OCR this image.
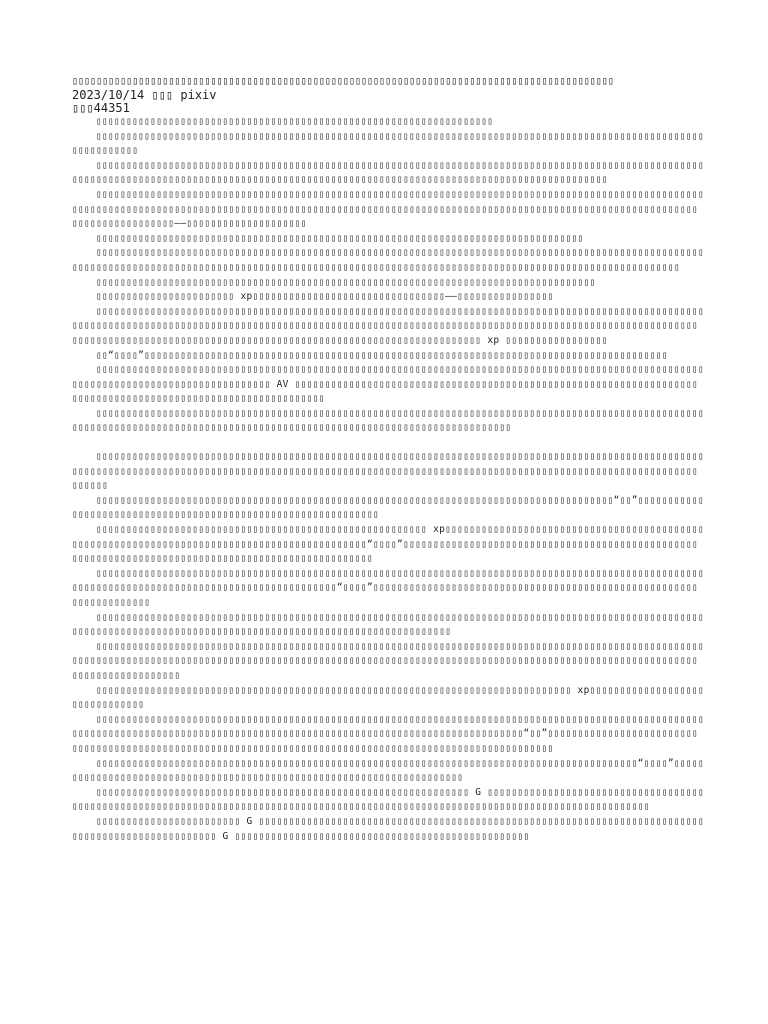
▯▯▯▯▯▯▯▯▯▯▯▯▯▯▯▯▯▯▯▯▯▯▯▯▯▯▯▯▯▯▯▯▯▯▯▯▯▯▯▯▯▯▯▯▯▯▯▯▯▯▯▯▯▯▯▯▯▯▯▯▯▯▯▯▯▯▯▯▯▯▯▯▯▯▯▯▯▯▯▯▯▯▯▯▯▯▯▯▯▯

2023/10/14 ▯▯▯ pixiv

▯▯▯44351

▯▯▯▯▯▯▯▯▯▯▯▯▯▯▯▯▯▯▯▯▯▯▯▯▯▯▯▯▯▯▯▯▯▯▯▯▯▯▯▯▯▯▯▯▯▯▯▯▯▯▯▯▯▯▯▯▯▯▯▯▯▯▯▯▯▯

▯▯▯▯▯▯▯▯▯▯▯▯▯▯▯▯▯▯▯▯▯▯▯▯▯▯▯▯▯▯▯▯▯▯▯▯▯▯▯▯▯▯▯▯▯▯▯▯▯▯▯▯▯▯▯▯▯▯▯▯▯▯▯▯▯▯▯▯▯▯▯▯▯▯▯▯▯▯▯▯▯▯▯▯▯▯▯▯▯▯▯▯▯▯▯▯▯▯▯▯▯▯▯▯▯▯▯▯▯▯▯▯

▯▯▯▯▯▯▯▯▯▯▯▯▯▯▯▯▯▯▯▯▯▯▯▯▯▯▯▯▯▯▯▯▯▯▯▯▯▯▯▯▯▯▯▯▯▯▯▯▯▯▯▯▯▯▯▯▯▯▯▯▯▯▯▯▯▯▯▯▯▯▯▯▯▯▯▯▯▯▯▯▯▯▯▯▯▯▯▯▯▯▯▯▯▯▯▯▯▯▯▯▯▯▯▯▯▯▯▯▯▯▯▯▯▯▯▯▯▯▯▯▯▯▯▯▯▯▯▯▯▯▯▯▯▯▯▯▯▯▯▯▯▯▯▯▯▯▯▯▯▯▯▯▯▯▯▯▯▯▯▯▯▯▯▯▯▯▯▯▯▯▯▯▯▯▯▯▯▯▯▯▯▯▯▯▯▯▯▯▯▯

▯▯▯▯▯▯▯▯▯▯▯▯▯▯▯▯▯▯▯▯▯▯▯▯▯▯▯▯▯▯▯▯▯▯▯▯▯▯▯▯▯▯▯▯▯▯▯▯▯▯▯▯▯▯▯▯▯▯▯▯▯▯▯▯▯▯▯▯▯▯▯▯▯▯▯▯▯▯▯▯▯▯▯▯▯▯▯▯▯▯▯▯▯▯▯▯▯▯▯▯▯▯▯▯▯▯▯▯▯▯▯▯▯▯▯▯▯▯▯▯▯▯▯▯▯▯▯▯▯▯▯▯▯▯▯▯▯▯▯▯▯▯▯▯▯▯▯▯▯▯▯▯▯▯▯▯▯▯▯▯▯▯▯▯▯▯▯▯▯▯▯▯▯▯▯▯▯▯▯▯▯▯▯▯▯▯▯▯▯▯▯▯▯▯▯▯▯▯▯▯▯▯▯▯▯▯▯▯▯▯▯▯▯▯▯▯▯▯▯▯▯▯——▯▯▯▯▯▯▯▯▯▯▯▯▯▯▯▯▯▯▯▯

▯▯▯▯▯▯▯▯▯▯▯▯▯▯▯▯▯▯▯▯▯▯▯▯▯▯▯▯▯▯▯▯▯▯▯▯▯▯▯▯▯▯▯▯▯▯▯▯▯▯▯▯▯▯▯▯▯▯▯▯▯▯▯▯▯▯▯▯▯▯▯▯▯▯▯▯▯▯▯▯▯

▯▯▯▯▯▯▯▯▯▯▯▯▯▯▯▯▯▯▯▯▯▯▯▯▯▯▯▯▯▯▯▯▯▯▯▯▯▯▯▯▯▯▯▯▯▯▯▯▯▯▯▯▯▯▯▯▯▯▯▯▯▯▯▯▯▯▯▯▯▯▯▯▯▯▯▯▯▯▯▯▯▯▯▯▯▯▯▯▯▯▯▯▯▯▯▯▯▯▯▯▯▯▯▯▯▯▯▯▯▯▯▯▯▯▯▯▯▯▯▯▯▯▯▯▯▯▯▯▯▯▯▯▯▯▯▯▯▯▯▯▯▯▯▯▯▯▯▯▯▯▯▯▯▯▯▯▯▯▯▯▯▯▯▯▯▯▯▯▯▯▯▯▯▯▯▯▯▯▯▯▯▯▯▯▯▯▯▯▯▯▯▯▯▯▯▯▯▯▯▯▯▯

▯▯▯▯▯▯▯▯▯▯▯▯▯▯▯▯▯▯▯▯▯▯▯▯▯▯▯▯▯▯▯▯▯▯▯▯▯▯▯▯▯▯▯▯▯▯▯▯▯▯▯▯▯▯▯▯▯▯▯▯▯▯▯▯▯▯▯▯▯▯▯▯▯▯▯▯▯▯▯▯▯▯▯

▯▯▯▯▯▯▯▯▯▯▯▯▯▯▯▯▯▯▯▯▯▯▯ xp▯▯▯▯▯▯▯▯▯▯▯▯▯▯▯▯▯▯▯▯▯▯▯▯▯▯▯▯▯▯▯▯——▯▯▯▯▯▯▯▯▯▯▯▯▯▯▯▯

▯▯▯▯▯▯▯▯▯▯▯▯▯▯▯▯▯▯▯▯▯▯▯▯▯▯▯▯▯▯▯▯▯▯▯▯▯▯▯▯▯▯▯▯▯▯▯▯▯▯▯▯▯▯▯▯▯▯▯▯▯▯▯▯▯▯▯▯▯▯▯▯▯▯▯▯▯▯▯▯▯▯▯▯▯▯▯▯▯▯▯▯▯▯▯▯▯▯▯▯▯▯▯▯▯▯▯▯▯▯▯▯▯▯▯▯▯▯▯▯▯▯▯▯▯▯▯▯▯▯▯▯▯▯▯▯▯▯▯▯▯▯▯▯▯▯▯▯▯▯▯▯▯▯▯▯▯▯▯▯▯▯▯▯▯▯▯▯▯▯▯▯▯▯▯▯▯▯▯▯▯▯▯▯▯▯▯▯▯▯▯▯▯▯▯▯▯▯▯▯▯▯▯▯▯▯▯▯▯▯▯▯▯▯▯▯▯▯▯▯▯▯▯▯▯▯▯▯▯▯▯▯▯▯▯▯▯▯▯▯▯▯▯▯▯▯▯▯▯▯▯▯▯▯▯▯▯▯▯▯▯▯▯▯▯▯▯▯▯▯▯▯▯ xp ▯▯▯▯▯▯▯▯▯▯▯▯▯▯▯▯▯

▯▯“▯▯▯▯”▯▯▯▯▯▯▯▯▯▯▯▯▯▯▯▯▯▯▯▯▯▯▯▯▯▯▯▯▯▯▯▯▯▯▯▯▯▯▯▯▯▯▯▯▯▯▯▯▯▯▯▯▯▯▯▯▯▯▯▯▯▯▯▯▯▯▯▯▯▯▯▯▯▯▯▯▯▯▯▯▯▯▯▯▯▯▯

▯▯▯▯▯▯▯▯▯▯▯▯▯▯▯▯▯▯▯▯▯▯▯▯▯▯▯▯▯▯▯▯▯▯▯▯▯▯▯▯▯▯▯▯▯▯▯▯▯▯▯▯▯▯▯▯▯▯▯▯▯▯▯▯▯▯▯▯▯▯▯▯▯▯▯▯▯▯▯▯▯▯▯▯▯▯▯▯▯▯▯▯▯▯▯▯▯▯▯▯▯▯▯▯▯▯▯▯▯▯▯▯▯▯▯▯▯▯▯▯▯▯▯▯▯▯▯▯▯▯▯▯▯▯ AV ▯▯▯▯▯▯▯▯▯▯▯▯▯▯▯▯▯▯▯▯▯▯▯▯▯▯▯▯▯▯▯▯▯▯▯▯▯▯▯▯▯▯▯▯▯▯▯▯▯▯▯▯▯▯▯▯▯▯▯▯▯▯▯▯▯▯▯▯▯▯▯▯▯▯▯▯▯▯▯▯▯▯▯▯▯▯▯▯▯▯▯▯▯▯▯▯▯▯▯▯▯▯▯▯▯▯▯▯▯

▯▯▯▯▯▯▯▯▯▯▯▯▯▯▯▯▯▯▯▯▯▯▯▯▯▯▯▯▯▯▯▯▯▯▯▯▯▯▯▯▯▯▯▯▯▯▯▯▯▯▯▯▯▯▯▯▯▯▯▯▯▯▯▯▯▯▯▯▯▯▯▯▯▯▯▯▯▯▯▯▯▯▯▯▯▯▯▯▯▯▯▯▯▯▯▯▯▯▯▯▯▯▯▯▯▯▯▯▯▯▯▯▯▯▯▯▯▯▯▯▯▯▯▯▯▯▯▯▯▯▯▯▯▯▯▯▯▯▯▯▯▯▯▯▯▯▯▯▯▯▯▯▯▯▯▯▯▯▯▯▯▯▯▯▯▯▯▯▯▯▯▯▯▯

▯▯▯▯▯▯▯▯▯▯▯▯▯▯▯▯▯▯▯▯▯▯▯▯▯▯▯▯▯▯▯▯▯▯▯▯▯▯▯▯▯▯▯▯▯▯▯▯▯▯▯▯▯▯▯▯▯▯▯▯▯▯▯▯▯▯▯▯▯▯▯▯▯▯▯▯▯▯▯▯▯▯▯▯▯▯▯▯▯▯▯▯▯▯▯▯▯▯▯▯▯▯▯▯▯▯▯▯▯▯▯▯▯▯▯▯▯▯▯▯▯▯▯▯▯▯▯▯▯▯▯▯▯▯▯▯▯▯▯▯▯▯▯▯▯▯▯▯▯▯▯▯▯▯▯▯▯▯▯▯▯▯▯▯▯▯▯▯▯▯▯▯▯▯▯▯▯▯▯▯▯▯▯▯▯▯▯▯▯▯▯▯▯▯▯▯▯▯▯▯▯▯▯▯▯▯▯▯▯▯▯

▯▯▯▯▯▯▯▯▯▯▯▯▯▯▯▯▯▯▯▯▯▯▯▯▯▯▯▯▯▯▯▯▯▯▯▯▯▯▯▯▯▯▯▯▯▯▯▯▯▯▯▯▯▯▯▯▯▯▯▯▯▯▯▯▯▯▯▯▯▯▯▯▯▯▯▯▯▯▯▯▯▯▯▯▯▯“▯▯”▯▯▯▯▯▯▯▯▯▯▯▯▯▯▯▯▯▯▯▯▯▯▯▯▯▯▯▯▯▯▯▯▯▯▯▯▯▯▯▯▯▯▯▯▯▯▯▯▯▯▯▯▯▯▯▯▯▯▯▯▯▯

▯▯▯▯▯▯▯▯▯▯▯▯▯▯▯▯▯▯▯▯▯▯▯▯▯▯▯▯▯▯▯▯▯▯▯▯▯▯▯▯▯▯▯▯▯▯▯▯▯▯▯▯▯▯▯ xp▯▯▯▯▯▯▯▯▯▯▯▯▯▯▯▯▯▯▯▯▯▯▯▯▯▯▯▯▯▯▯▯▯▯▯▯▯▯▯▯▯▯▯▯▯▯▯▯▯▯▯▯▯▯▯▯▯▯▯▯▯▯▯▯▯▯▯▯▯▯▯▯▯▯▯▯▯▯▯▯▯▯▯▯▯▯▯▯▯▯▯▯“▯▯▯▯”▯▯▯▯▯▯▯▯▯▯▯▯▯▯▯▯▯▯▯▯▯▯▯▯▯▯▯▯▯▯▯▯▯▯▯▯▯▯▯▯▯▯▯▯▯▯▯▯▯▯▯▯▯▯▯▯▯▯▯▯▯▯▯▯▯▯▯▯▯▯▯▯▯▯▯▯▯▯▯▯▯▯▯▯▯▯▯▯▯▯▯▯▯▯▯▯▯▯▯

▯▯▯▯▯▯▯▯▯▯▯▯▯▯▯▯▯▯▯▯▯▯▯▯▯▯▯▯▯▯▯▯▯▯▯▯▯▯▯▯▯▯▯▯▯▯▯▯▯▯▯▯▯▯▯▯▯▯▯▯▯▯▯▯▯▯▯▯▯▯▯▯▯▯▯▯▯▯▯▯▯▯▯▯▯▯▯▯▯▯▯▯▯▯▯▯▯▯▯▯▯▯▯▯▯▯▯▯▯▯▯▯▯▯▯▯▯▯▯▯▯▯▯▯▯▯▯▯▯▯▯▯▯▯▯▯▯▯▯▯▯▯▯▯▯“▯▯▯▯”▯▯▯▯▯▯▯▯▯▯▯▯▯▯▯▯▯▯▯▯▯▯▯▯▯▯▯▯▯▯▯▯▯▯▯▯▯▯▯▯▯▯▯▯▯▯▯▯▯▯▯▯▯▯▯▯▯▯▯▯▯▯▯▯▯▯▯

▯▯▯▯▯▯▯▯▯▯▯▯▯▯▯▯▯▯▯▯▯▯▯▯▯▯▯▯▯▯▯▯▯▯▯▯▯▯▯▯▯▯▯▯▯▯▯▯▯▯▯▯▯▯▯▯▯▯▯▯▯▯▯▯▯▯▯▯▯▯▯▯▯▯▯▯▯▯▯▯▯▯▯▯▯▯▯▯▯▯▯▯▯▯▯▯▯▯▯▯▯▯▯▯▯▯▯▯▯▯▯▯▯▯▯▯▯▯▯▯▯▯▯▯▯▯▯▯▯▯▯▯▯▯▯▯▯▯▯▯▯▯▯▯▯▯▯▯▯▯▯▯▯▯▯▯▯▯▯▯▯▯▯▯

▯▯▯▯▯▯▯▯▯▯▯▯▯▯▯▯▯▯▯▯▯▯▯▯▯▯▯▯▯▯▯▯▯▯▯▯▯▯▯▯▯▯▯▯▯▯▯▯▯▯▯▯▯▯▯▯▯▯▯▯▯▯▯▯▯▯▯▯▯▯▯▯▯▯▯▯▯▯▯▯▯▯▯▯▯▯▯▯▯▯▯▯▯▯▯▯▯▯▯▯▯▯▯▯▯▯▯▯▯▯▯▯▯▯▯▯▯▯▯▯▯▯▯▯▯▯▯▯▯▯▯▯▯▯▯▯▯▯▯▯▯▯▯▯▯▯▯▯▯▯▯▯▯▯▯▯▯▯▯▯▯▯▯▯▯▯▯▯▯▯▯▯▯▯▯▯▯▯▯▯▯▯▯▯▯▯▯▯▯▯▯▯▯▯▯▯▯▯▯▯▯▯▯▯▯▯▯▯▯▯▯▯▯▯▯▯▯▯▯▯▯▯▯

▯▯▯▯▯▯▯▯▯▯▯▯▯▯▯▯▯▯▯▯▯▯▯▯▯▯▯▯▯▯▯▯▯▯▯▯▯▯▯▯▯▯▯▯▯▯▯▯▯▯▯▯▯▯▯▯▯▯▯▯▯▯▯▯▯▯▯▯▯▯▯▯▯▯▯▯▯▯▯ xp▯▯▯▯▯▯▯▯▯▯▯▯▯▯▯▯▯▯▯▯▯▯▯▯▯▯▯▯▯▯▯

▯▯▯▯▯▯▯▯▯▯▯▯▯▯▯▯▯▯▯▯▯▯▯▯▯▯▯▯▯▯▯▯▯▯▯▯▯▯▯▯▯▯▯▯▯▯▯▯▯▯▯▯▯▯▯▯▯▯▯▯▯▯▯▯▯▯▯▯▯▯▯▯▯▯▯▯▯▯▯▯▯▯▯▯▯▯▯▯▯▯▯▯▯▯▯▯▯▯▯▯▯▯▯▯▯▯▯▯▯▯▯▯▯▯▯▯▯▯▯▯▯▯▯▯▯▯▯▯▯▯▯▯▯▯▯▯▯▯▯▯▯▯▯▯▯▯▯▯▯▯▯▯▯▯▯▯▯▯▯▯▯▯▯▯▯▯▯▯▯▯▯▯▯▯▯▯“▯▯”▯▯▯▯▯▯▯▯▯▯▯▯▯▯▯▯▯▯▯▯▯▯▯▯▯▯▯▯▯▯▯▯▯▯▯▯▯▯▯▯▯▯▯▯▯▯▯▯▯▯▯▯▯▯▯▯▯▯▯▯▯▯▯▯▯▯▯▯▯▯▯▯▯▯▯▯▯▯▯▯▯▯▯▯▯▯▯▯▯▯▯▯▯▯▯▯▯▯▯▯▯▯▯▯▯

▯▯▯▯▯▯▯▯▯▯▯▯▯▯▯▯▯▯▯▯▯▯▯▯▯▯▯▯▯▯▯▯▯▯▯▯▯▯▯▯▯▯▯▯▯▯▯▯▯▯▯▯▯▯▯▯▯▯▯▯▯▯▯▯▯▯▯▯▯▯▯▯▯▯▯▯▯▯▯▯▯▯▯▯▯▯▯▯▯▯“▯▯▯▯”▯▯▯▯▯▯▯▯▯▯▯▯▯▯▯▯▯▯▯▯▯▯▯▯▯▯▯▯▯▯▯▯▯▯▯▯▯▯▯▯▯▯▯▯▯▯▯▯▯▯▯▯▯▯▯▯▯▯▯▯▯▯▯▯▯▯▯▯▯▯

▯▯▯▯▯▯▯▯▯▯▯▯▯▯▯▯▯▯▯▯▯▯▯▯▯▯▯▯▯▯▯▯▯▯▯▯▯▯▯▯▯▯▯▯▯▯▯▯▯▯▯▯▯▯▯▯▯▯▯▯▯▯ G ▯▯▯▯▯▯▯▯▯▯▯▯▯▯▯▯▯▯▯▯▯▯▯▯▯▯▯▯▯▯▯▯▯▯▯▯▯▯▯▯▯▯▯▯▯▯▯▯▯▯▯▯▯▯▯▯▯▯▯▯▯▯▯▯▯▯▯▯▯▯▯▯▯▯▯▯▯▯▯▯▯▯▯▯▯▯▯▯▯▯▯▯▯▯▯▯▯▯▯▯▯▯▯▯▯▯▯▯▯▯▯▯▯▯▯▯▯▯▯▯▯▯▯▯▯▯▯▯▯▯▯▯

▯▯▯▯▯▯▯▯▯▯▯▯▯▯▯▯▯▯▯▯▯▯▯▯ G ▯▯▯▯▯▯▯▯▯▯▯▯▯▯▯▯▯▯▯▯▯▯▯▯▯▯▯▯▯▯▯▯▯▯▯▯▯▯▯▯▯▯▯▯▯▯▯▯▯▯▯▯▯▯▯▯▯▯▯▯▯▯▯▯▯▯▯▯▯▯▯▯▯▯▯▯▯▯▯▯▯▯▯▯▯▯▯▯▯▯▯▯▯▯▯▯▯▯ G ▯▯▯▯▯▯▯▯▯▯▯▯▯▯▯▯▯▯▯▯▯▯▯▯▯▯▯▯▯▯▯▯▯▯▯▯▯▯▯▯▯▯▯▯▯▯▯▯▯
